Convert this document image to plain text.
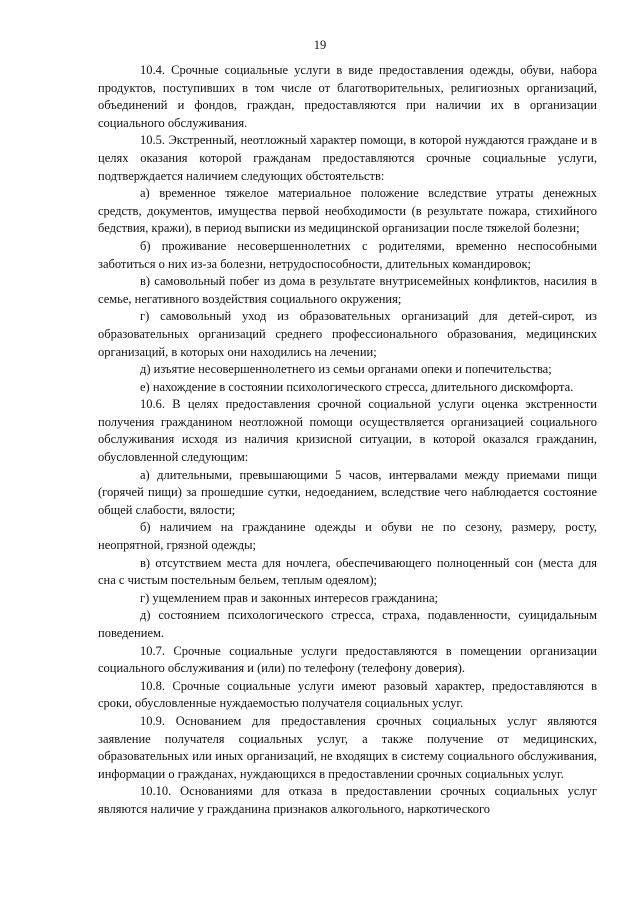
19

10.4. Срочные социальные услуги в виде предоставления одежды, обуви, набора продуктов, поступивших в том числе от благотворительных, религиозных организаций, объединений и фондов, граждан, предоставляются при наличии их в организации социального обслуживания.

10.5. Экстренный, неотложный характер помощи, в которой нуждаются граждане и в целях оказания которой гражданам предоставляются срочные социальные услуги, подтверждается наличием следующих обстоятельств:

а) временное тяжелое материальное положение вследствие утраты денежных средств, документов, имущества первой необходимости (в результате пожара, стихийного бедствия, кражи), в период выписки из медицинской организации после тяжелой болезни;

б) проживание несовершеннолетних с родителями, временно неспособными заботиться о них из-за болезни, нетрудоспособности, длительных командировок;

в) самовольный побег из дома в результате внутрисемейных конфликтов, насилия в семье, негативного воздействия социального окружения;

г) самовольный уход из образовательных организаций для детей-сирот, из образовательных организаций среднего профессионального образования, медицинских организаций, в которых они находились на лечении;

д) изъятие несовершеннолетнего из семьи органами опеки и попечительства;

е) нахождение в состоянии психологического стресса, длительного дискомфорта.

10.6. В целях предоставления срочной социальной услуги оценка экстренности получения гражданином неотложной помощи осуществляется организацией социального обслуживания исходя из наличия кризисной ситуации, в которой оказался гражданин, обусловленной следующим:

а) длительными, превышающими 5 часов, интервалами между приемами пищи (горячей пищи) за прошедшие сутки, недоеданием, вследствие чего наблюдается состояние общей слабости, вялости;

б) наличием на гражданине одежды и обуви не по сезону, размеру, росту, неопрятной, грязной одежды;

в) отсутствием места для ночлега, обеспечивающего полноценный сон (места для сна с чистым постельным бельем, теплым одеялом);

г) ущемлением прав и законных интересов гражданина;

д) состоянием психологического стресса, страха, подавленности, суицидальным поведением.

10.7. Срочные социальные услуги предоставляются в помещении организации социального обслуживания и (или) по телефону (телефону доверия).

10.8. Срочные социальные услуги имеют разовый характер, предоставляются в сроки, обусловленные нуждаемостью получателя социальных услуг.

10.9. Основанием для предоставления срочных социальных услуг являются заявление получателя социальных услуг, а также получение от медицинских, образовательных или иных организаций, не входящих в систему социального обслуживания, информации о гражданах, нуждающихся в предоставлении срочных социальных услуг.

10.10. Основаниями для отказа в предоставлении срочных социальных услуг являются наличие у гражданина признаков алкогольного, наркотического
